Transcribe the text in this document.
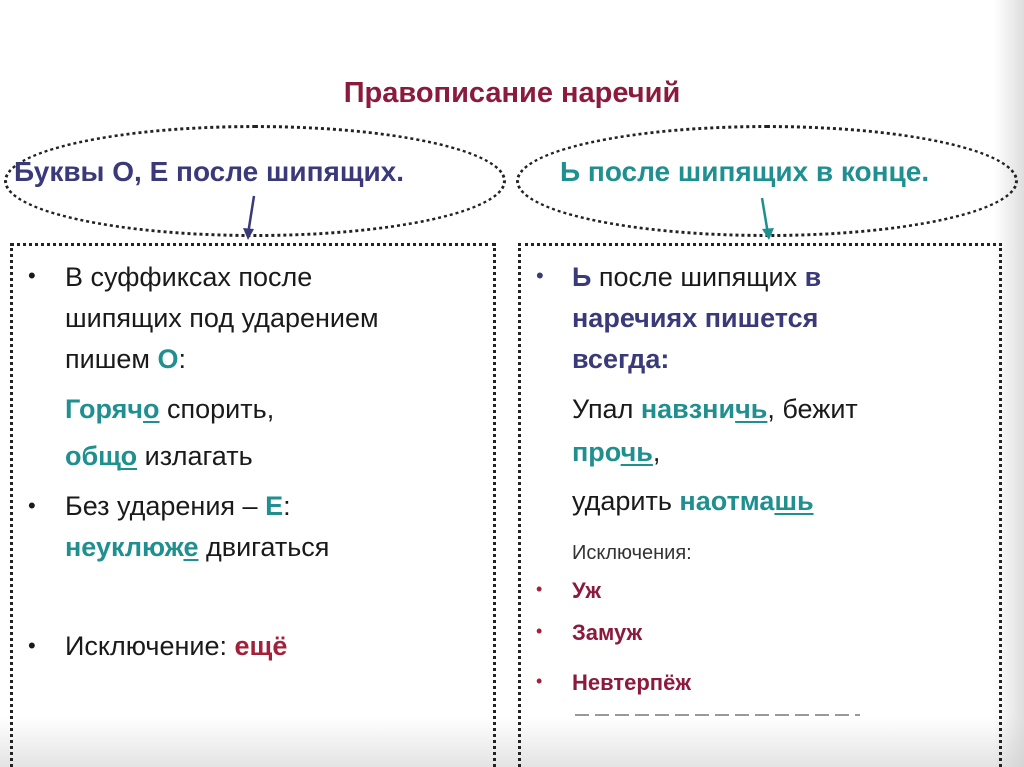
Правописание наречий
Буквы О, Е после шипящих.	Ь после шипящих в конце.
• В суффиксах после
шипящих под ударением
пишем О:
Горячо спорить,
общо излагать
• Без ударения – Е:
неуклюже двигаться
• Исключение: ещё
• Ь после шипящих в
наречиях пишется
всегда:
Упал навзничь, бежит
прочь,
ударить наотмашь
Исключения:
• Уж
• Замуж
• Невтерпёж
